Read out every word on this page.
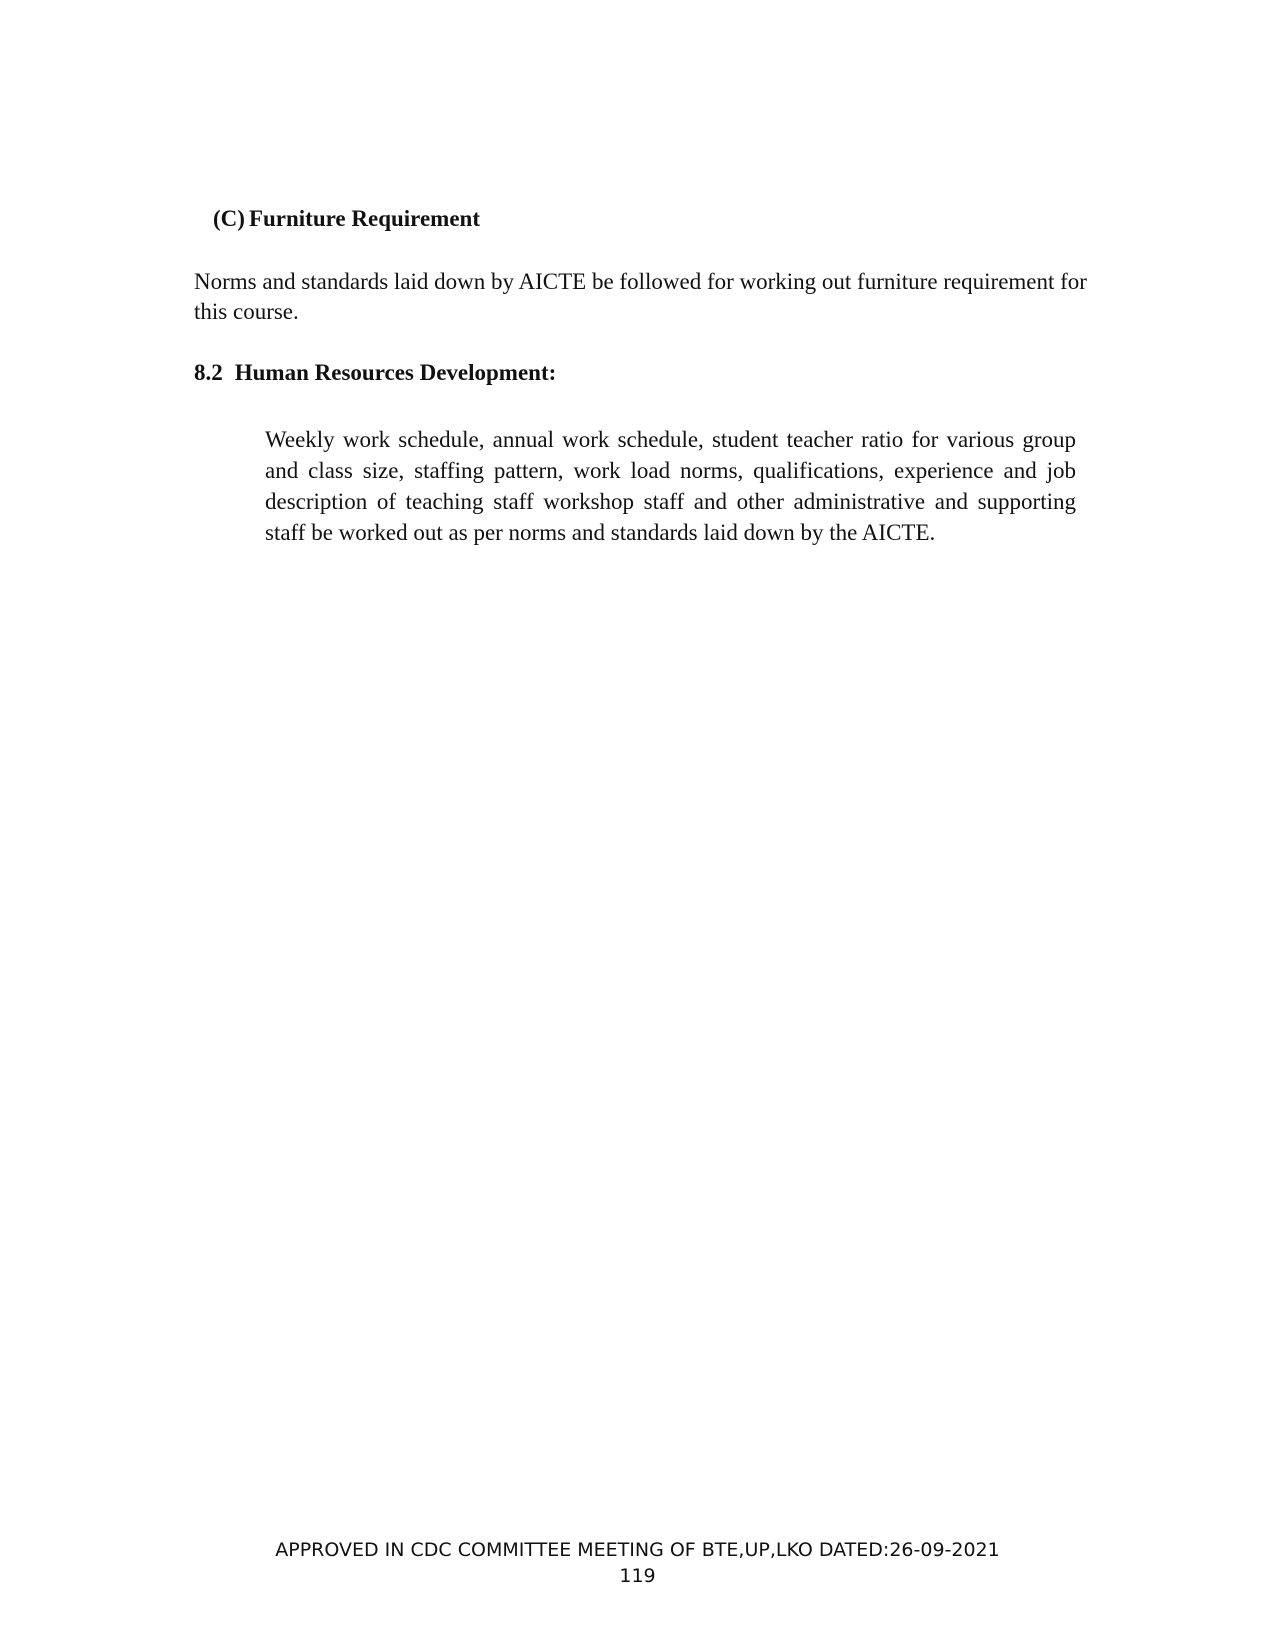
(C) Furniture Requirement

Norms and standards laid down by AICTE be followed for working out furniture requirement for this course.

8.2 Human Resources Development:

Weekly work schedule, annual work schedule, student teacher ratio for various group and class size, staffing pattern, work load norms, qualifications, experience and job description of teaching staff workshop staff and other administrative and supporting staff be worked out as per norms and standards laid down by the AICTE.

APPROVED IN CDC COMMITTEE MEETING OF BTE,UP,LKO DATED:26-09-2021
119
